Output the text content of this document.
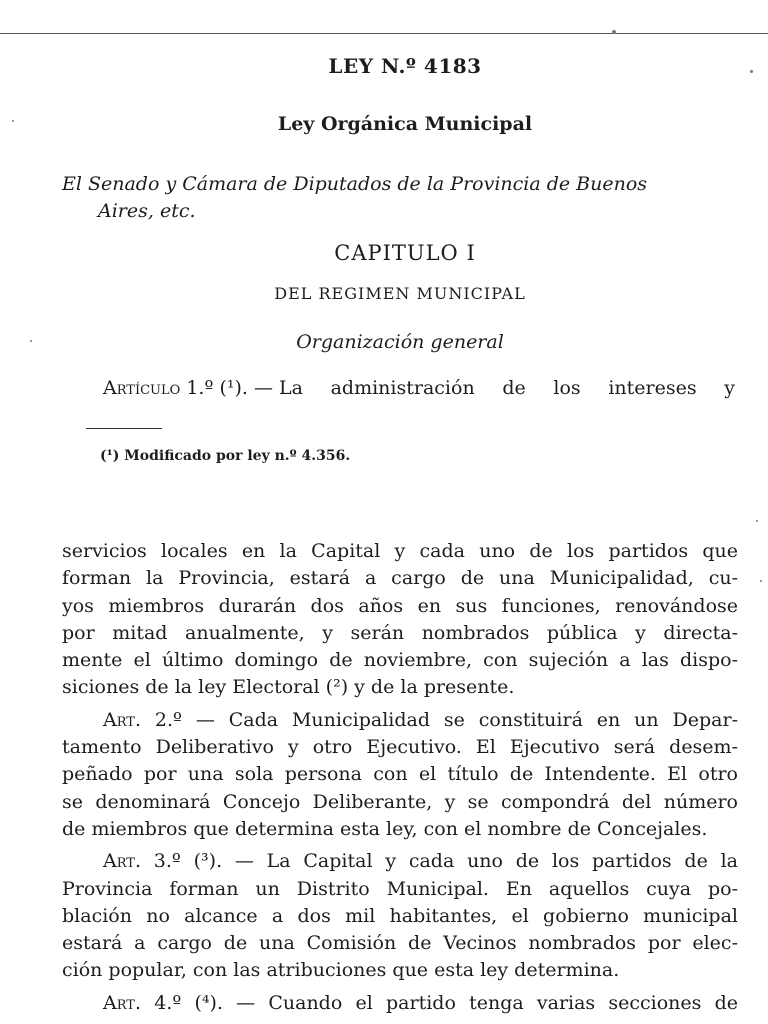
LEY N.º 4183
Ley Orgánica Municipal
El Senado y Cámara de Diputados de la Provincia de Buenos
Aires, etc.
CAPITULO I
DEL REGIMEN MUNICIPAL
Organización general
Artículo 1.º (¹). — La administración de los intereses y
(¹) Modificado por ley n.º 4.356.

servicios locales en la Capital y cada uno de los partidos que
forman la Provincia, estará a cargo de una Municipalidad, cu-
yos miembros durarán dos años en sus funciones, renovándose
por mitad anualmente, y serán nombrados pública y directa-
mente el último domingo de noviembre, con sujeción a las dispo-
siciones de la ley Electoral (²) y de la presente.

Art. 2.º — Cada Municipalidad se constituirá en un Depar-
tamento Deliberativo y otro Ejecutivo. El Ejecutivo será desem-
peñado por una sola persona con el título de Intendente. El otro
se denominará Concejo Deliberante, y se compondrá del número
de miembros que determina esta ley, con el nombre de Concejales.

Art. 3.º (³). — La Capital y cada uno de los partidos de la
Provincia forman un Distrito Municipal. En aquellos cuya po-
blación no alcance a dos mil habitantes, el gobierno municipal
estará a cargo de una Comisión de Vecinos nombrados por elec-
ción popular, con las atribuciones que esta ley determina.

Art. 4.º (⁴). — Cuando el partido tenga varias secciones de
